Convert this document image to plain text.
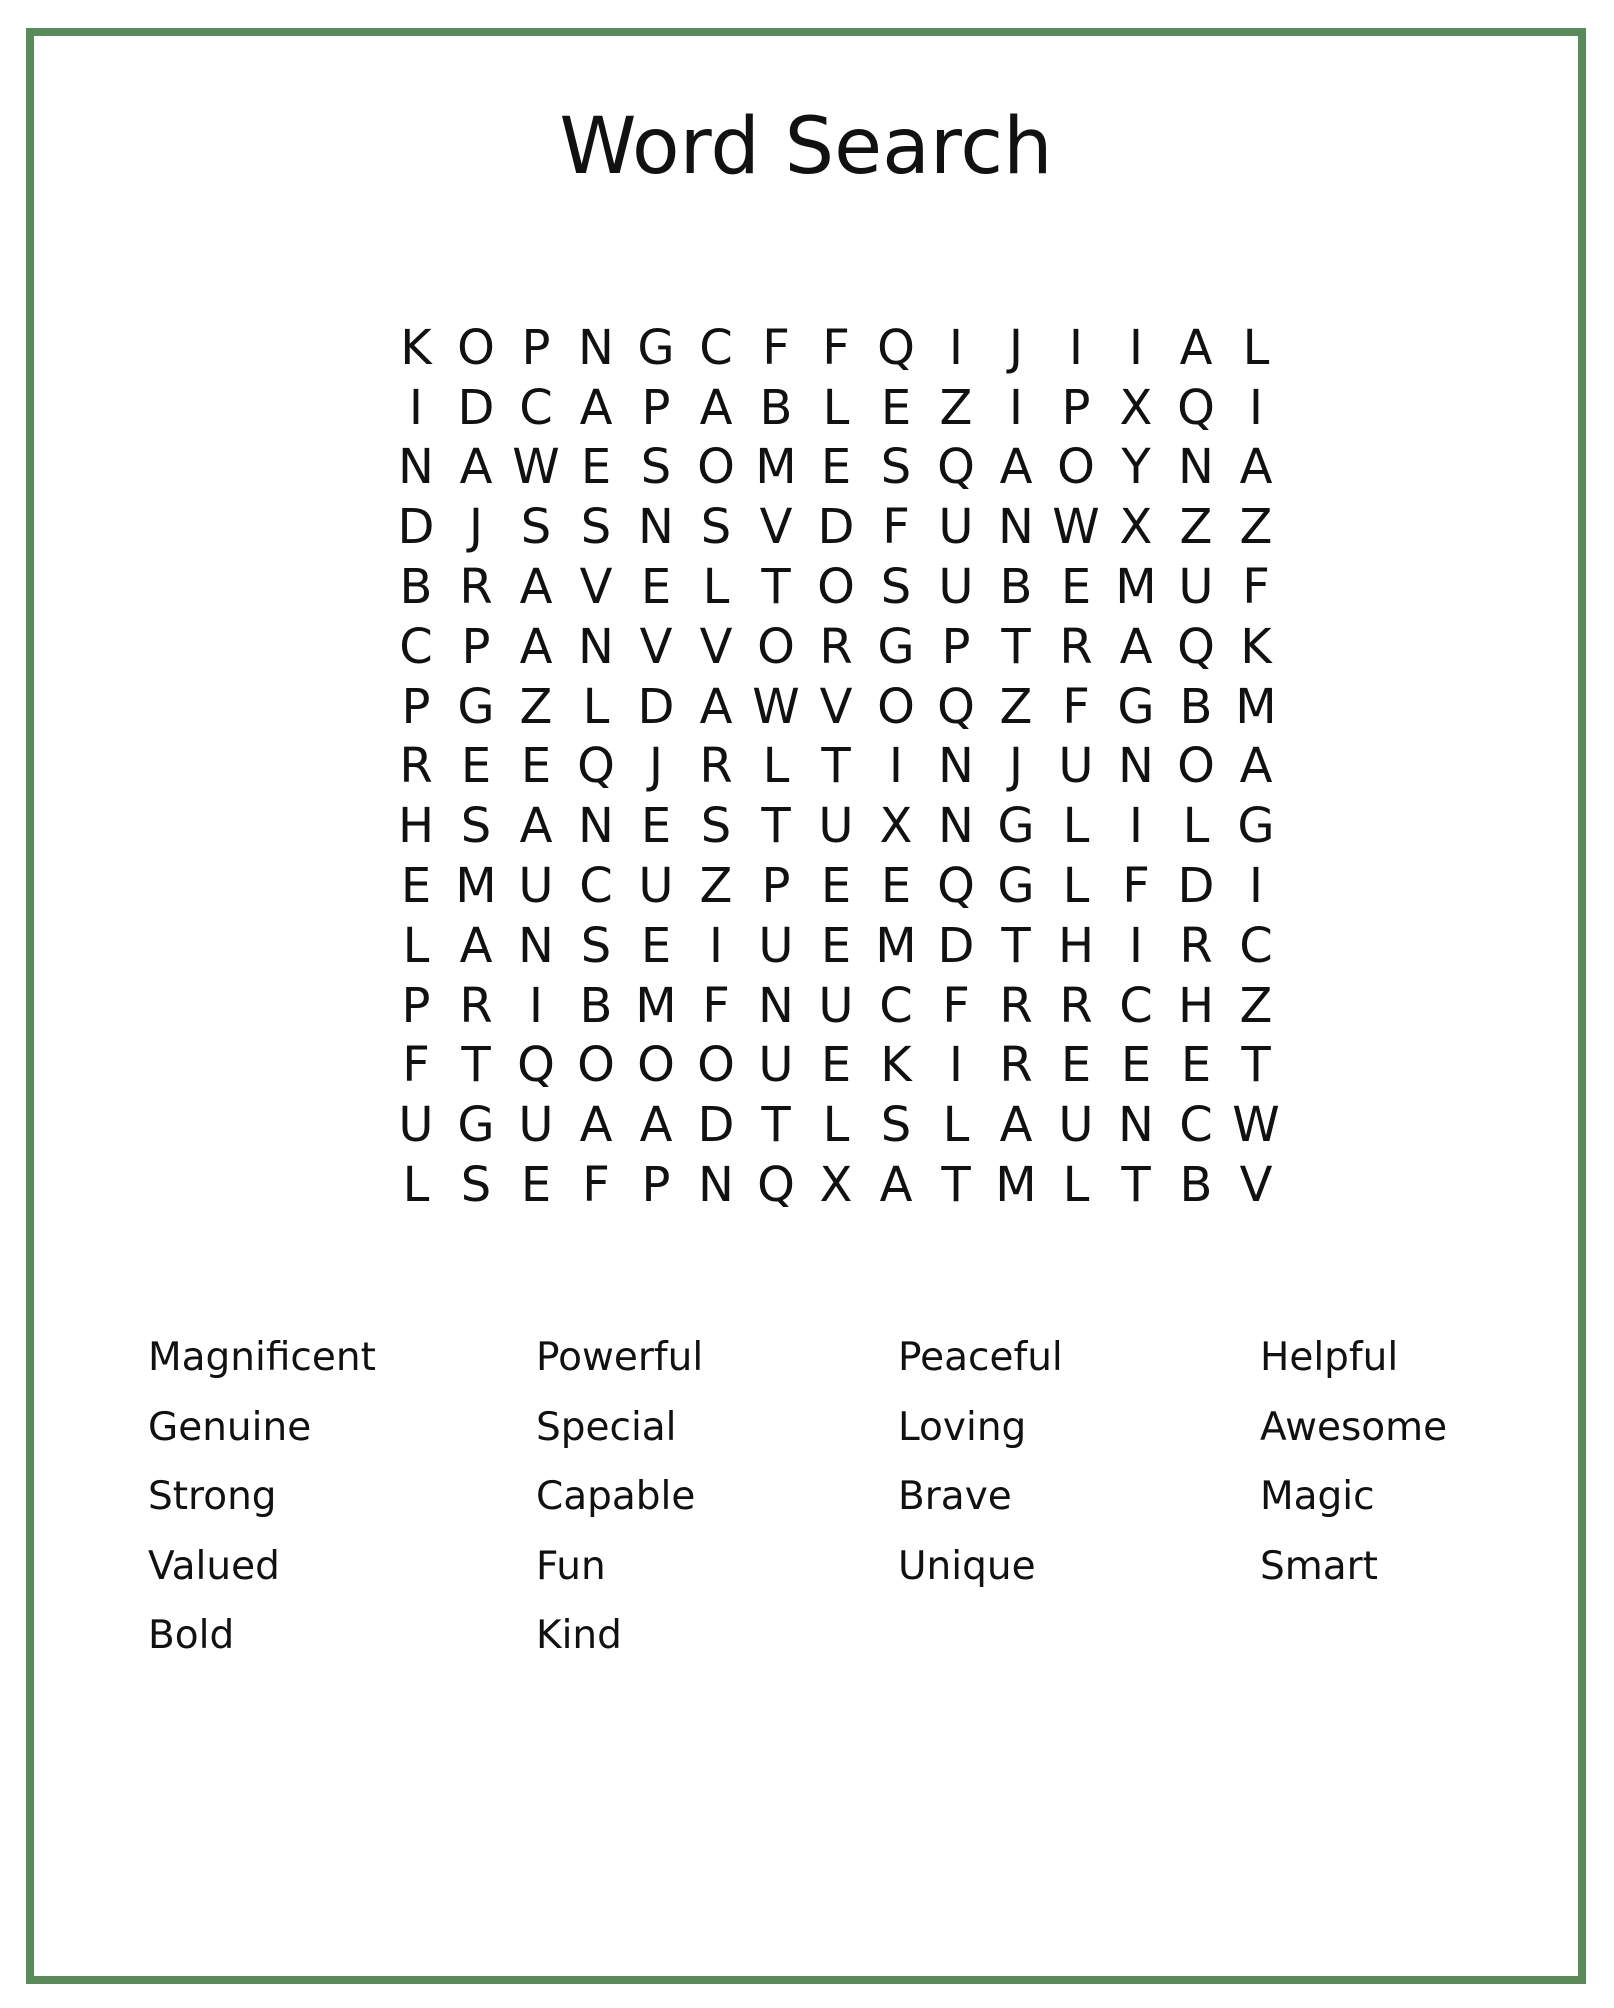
Word Search
K O P N G C F F Q I J I I A L
I D C A P A B L E Z I P X Q I
N A W E S O M E S Q A O Y N A
D J S S N S V D F U N W X Z Z
B R A V E L T O S U B E M U F
C P A N V V O R G P T R A Q K
P G Z L D A W V O Q Z F G B M
R E E Q J R L T I N J U N O A
H S A N E S T U X N G L I L G
E M U C U Z P E E Q G L F D I
L A N S E I U E M D T H I R C
P R I B M F N U C F R R C H Z
F T Q O O O U E K I R E E E T
U G U A A D T L S L A U N C W
L S E F P N Q X A T M L T B V
Magnificent	Powerful	Peaceful	Helpful
Genuine	Special	Loving	Awesome
Strong	Capable	Brave	Magic
Valued	Fun	Unique	Smart
Bold	Kind
